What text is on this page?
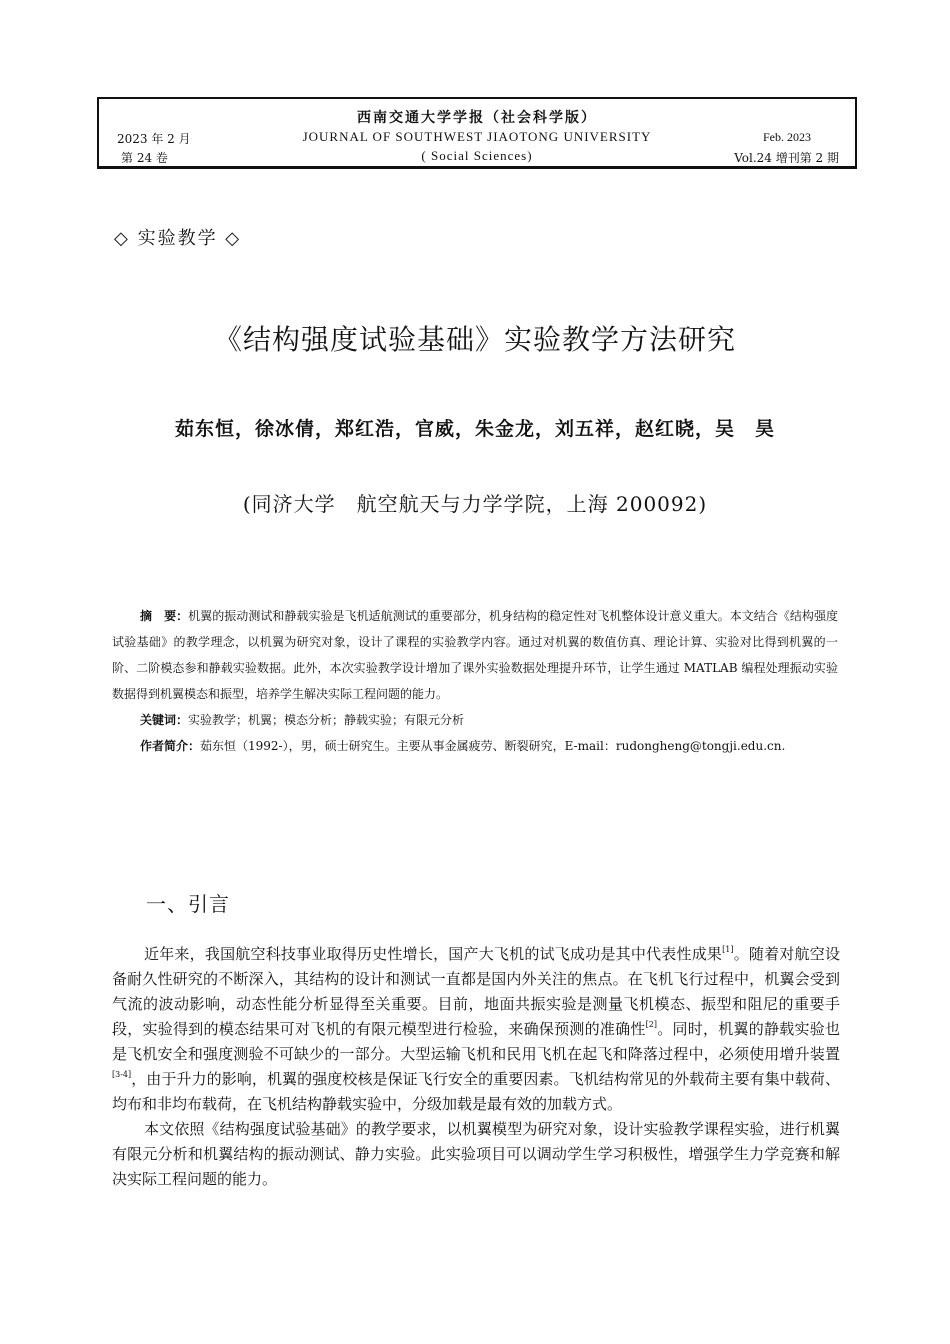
西南交通大学学报（社会科学版）
JOURNAL OF SOUTHWEST JIAOTONG UNIVERSITY
( Social Sciences)
2023 年 2 月
第 24 卷
Feb. 2023
Vol.24 增刊第 2 期
◇ 实验教学 ◇
《结构强度试验基础》实验教学方法研究
茹东恒，徐冰倩，郑红浩，官威，朱金龙，刘五祥，赵红晓，吴　昊
(同济大学　航空航天与力学学院，上海 200092)

摘　要：机翼的振动测试和静载实验是飞机适航测试的重要部分，机身结构的稳定性对飞机整体设计意义重大。本文结合《结构强度试验基础》的教学理念，以机翼为研究对象，设计了课程的实验教学内容。通过对机翼的数值仿真、理论计算、实验对比得到机翼的一阶、二阶模态参和静载实验数据。此外，本次实验教学设计增加了课外实验数据处理提升环节，让学生通过 MATLAB 编程处理振动实验数据得到机翼模态和振型，培养学生解决实际工程问题的能力。

关键词：实验教学；机翼；模态分析；静载实验；有限元分析

作者简介：茹东恒（1992-），男，硕士研究生。主要从事金属疲劳、断裂研究，E-mail：rudongheng@tongji.edu.cn.

一、引言

近年来，我国航空科技事业取得历史性增长，国产大飞机的试飞成功是其中代表性成果[1]。随着对航空设备耐久性研究的不断深入，其结构的设计和测试一直都是国内外关注的焦点。在飞机飞行过程中，机翼会受到气流的波动影响，动态性能分析显得至关重要。目前，地面共振实验是测量飞机模态、振型和阻尼的重要手段，实验得到的模态结果可对飞机的有限元模型进行检验，来确保预测的准确性[2]。同时，机翼的静载实验也是飞机安全和强度测验不可缺少的一部分。大型运输飞机和民用飞机在起飞和降落过程中，必须使用增升装置[3-4]，由于升力的影响，机翼的强度校核是保证飞行安全的重要因素。飞机结构常见的外载荷主要有集中载荷、均布和非均布载荷，在飞机结构静载实验中，分级加载是最有效的加载方式。

本文依照《结构强度试验基础》的教学要求，以机翼模型为研究对象，设计实验教学课程实验，进行机翼有限元分析和机翼结构的振动测试、静力实验。此实验项目可以调动学生学习积极性，增强学生力学竞赛和解决实际工程问题的能力。
